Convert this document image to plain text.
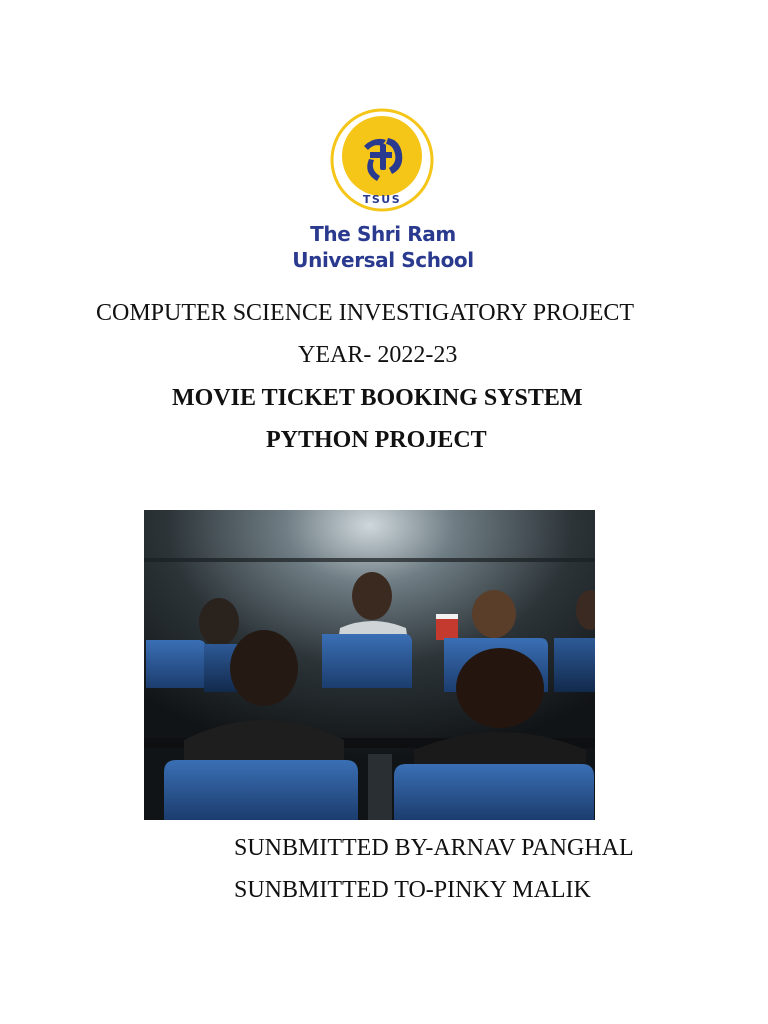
TSUS
The Shri Ram
Universal School
COMPUTER SCIENCE INVESTIGATORY PROJECT
YEAR- 2022-23
MOVIE TICKET BOOKING SYSTEM
PYTHON PROJECT
SUNBMITTED BY-ARNAV PANGHAL
SUNBMITTED TO-PINKY MALIK
